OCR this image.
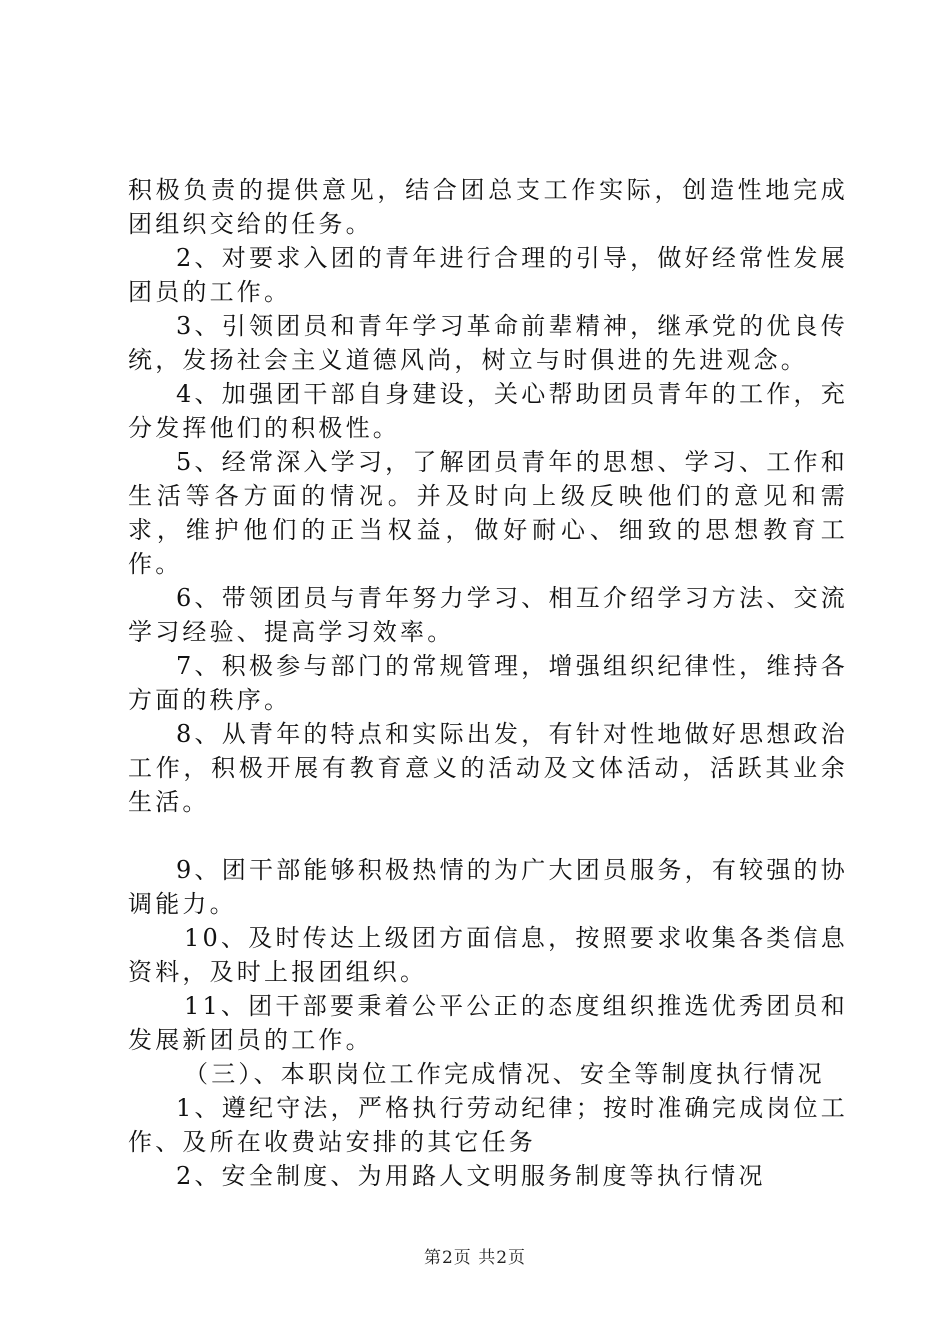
积极负责的提供意见，结合团总支工作实际，创造性地完成团组织交给的任务。

2、对要求入团的青年进行合理的引导，做好经常性发展团员的工作。

3、引领团员和青年学习革命前辈精神，继承党的优良传统，发扬社会主义道德风尚，树立与时俱进的先进观念。

4、加强团干部自身建设，关心帮助团员青年的工作，充分发挥他们的积极性。

5、经常深入学习，了解团员青年的思想、学习、工作和生活等各方面的情况。并及时向上级反映他们的意见和需求，维护他们的正当权益，做好耐心、细致的思想教育工作。

6、带领团员与青年努力学习、相互介绍学习方法、交流学习经验、提高学习效率。

7、积极参与部门的常规管理，增强组织纪律性，维持各方面的秩序。

8、从青年的特点和实际出发，有针对性地做好思想政治工作，积极开展有教育意义的活动及文体活动，活跃其业余生活。

9、团干部能够积极热情的为广大团员服务，有较强的协调能力。

10、及时传达上级团方面信息，按照要求收集各类信息资料，及时上报团组织。

11、团干部要秉着公平公正的态度组织推选优秀团员和发展新团员的工作。

（三）、本职岗位工作完成情况、安全等制度执行情况

1、遵纪守法，严格执行劳动纪律；按时准确完成岗位工作、及所在收费站安排的其它任务

2、安全制度、为用路人文明服务制度等执行情况

第2页 共2页
